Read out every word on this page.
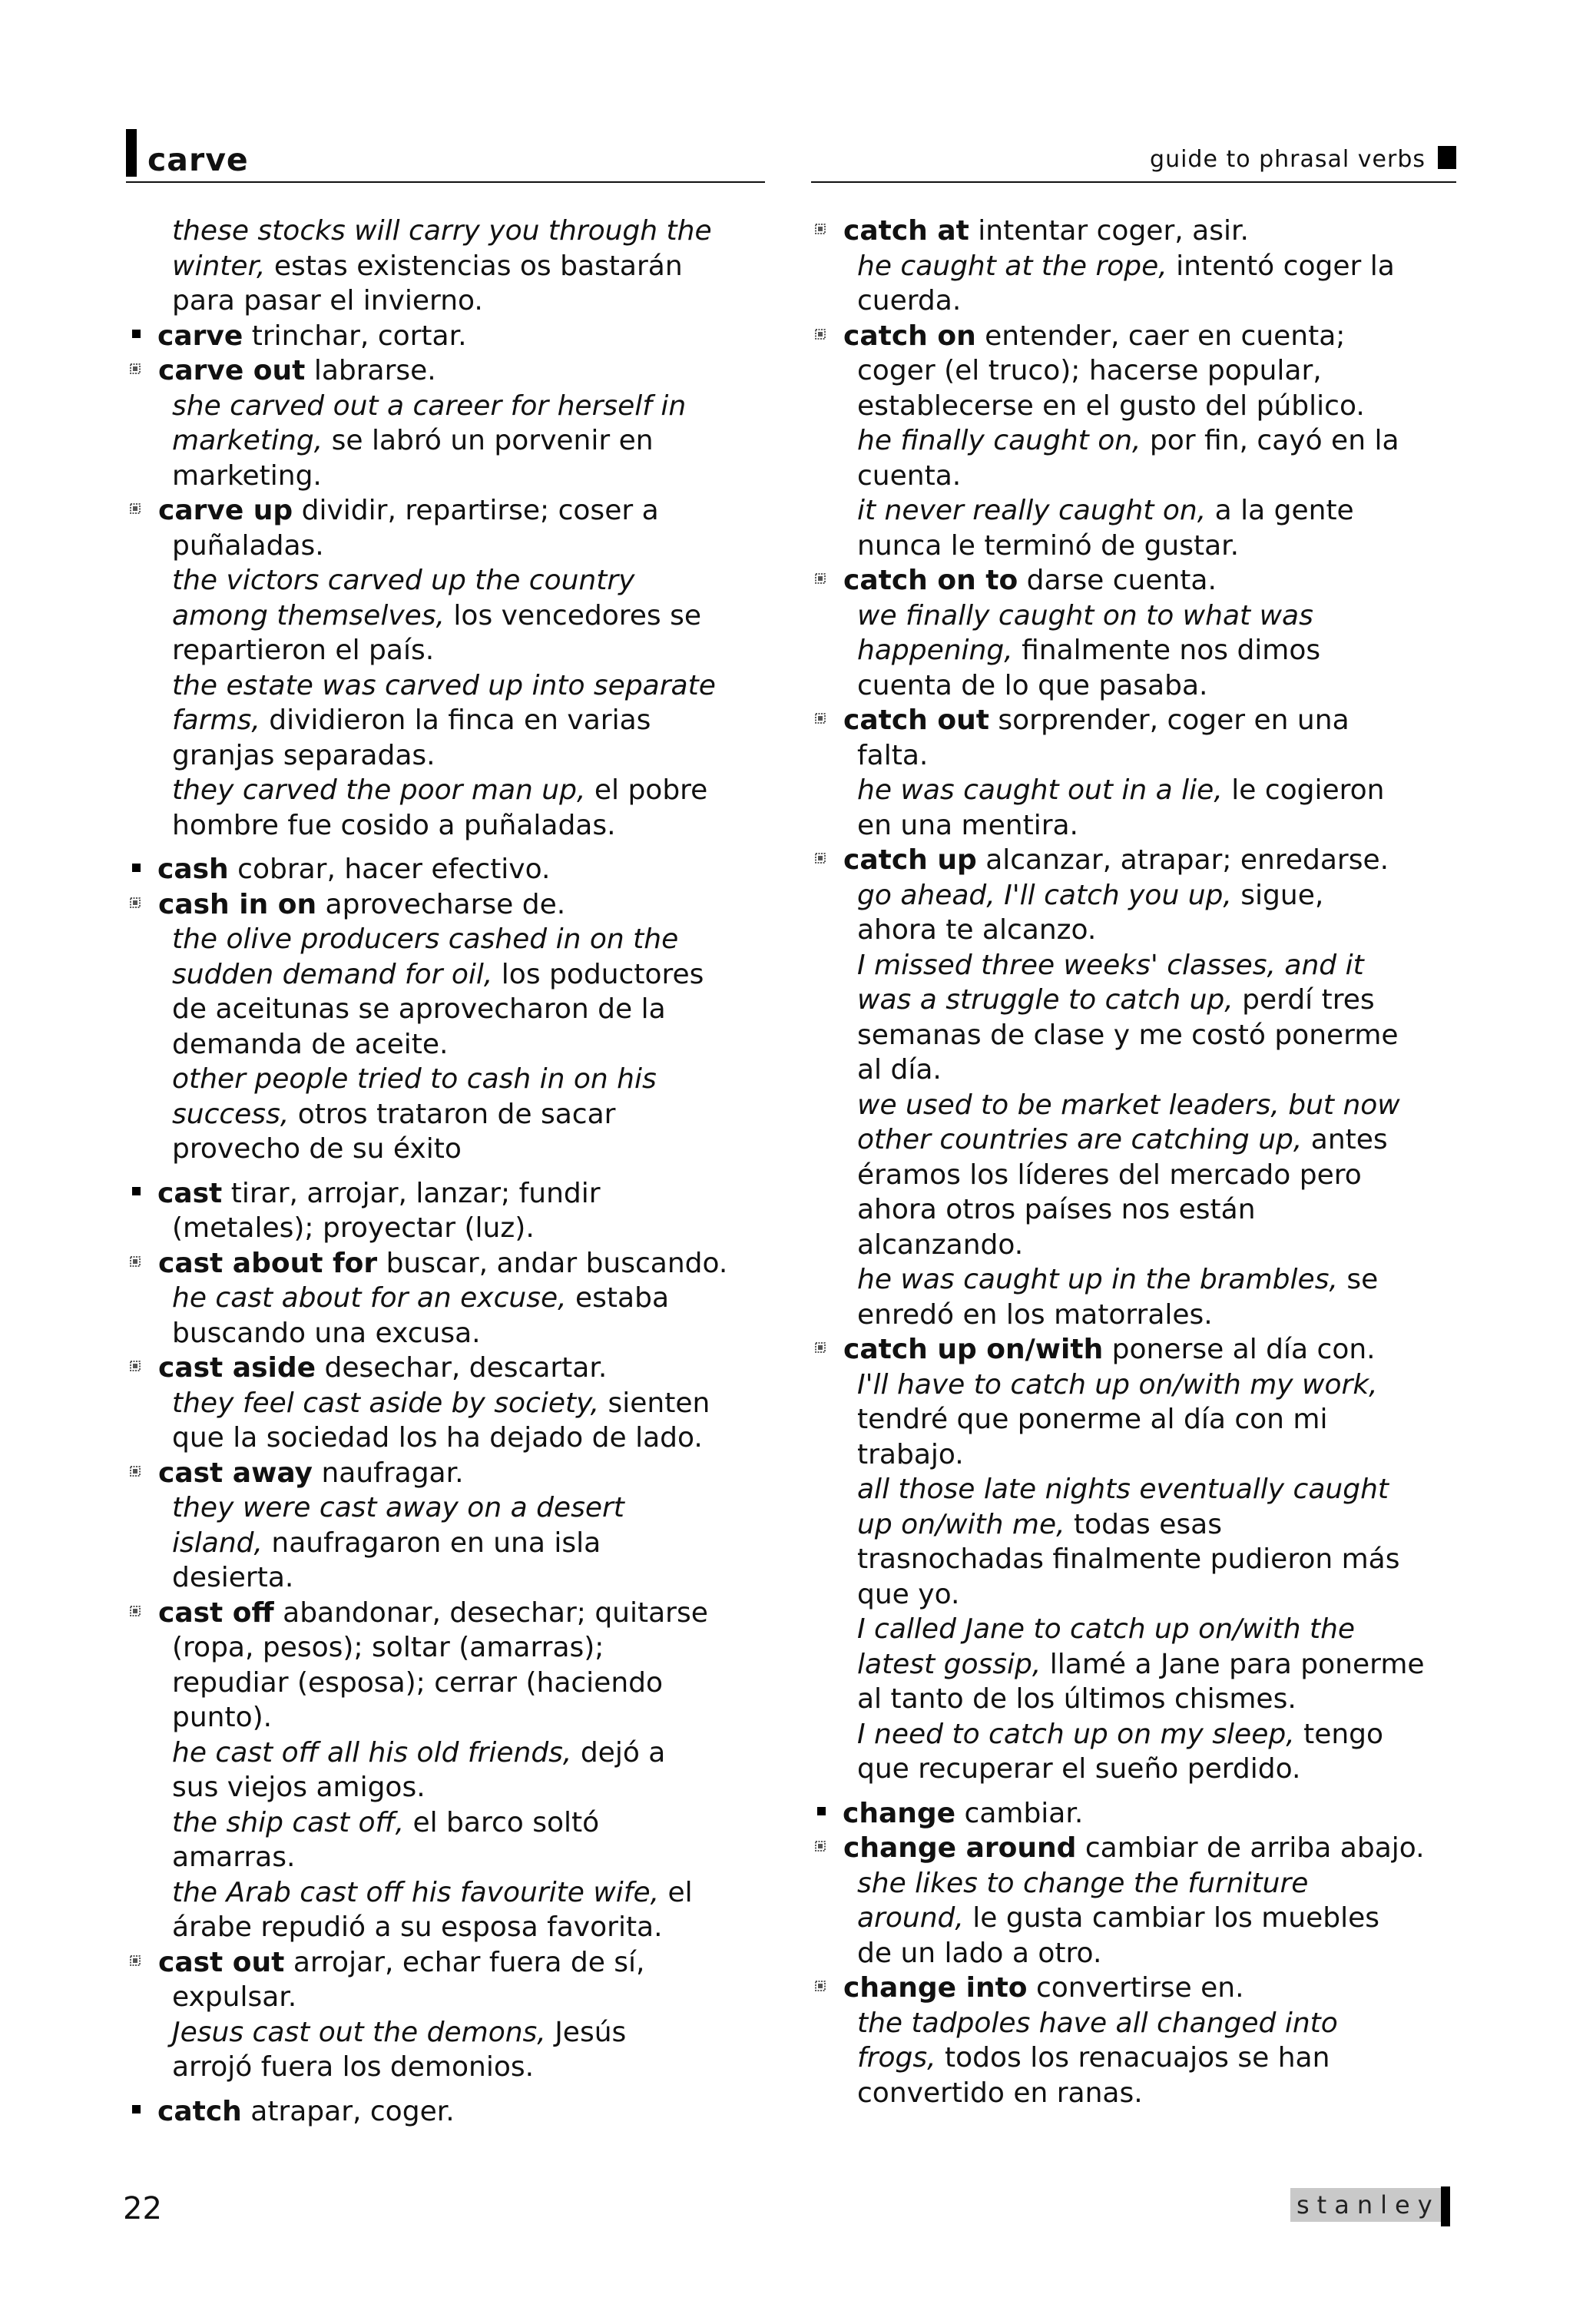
carve	guide to phrasal verbs
these stocks will carry you through the
winter, estas existencias os bastarán
para pasar el invierno.
carve trinchar, cortar.
carve out labrarse.
she carved out a career for herself in
marketing, se labró un porvenir en
marketing.
carve up dividir, repartirse; coser a
puñaladas.
the victors carved up the country
among themselves, los vencedores se
repartieron el país.
the estate was carved up into separate
farms, dividieron la finca en varias
granjas separadas.
they carved the poor man up, el pobre
hombre fue cosido a puñaladas.
cash cobrar, hacer efectivo.
cash in on aprovecharse de.
the olive producers cashed in on the
sudden demand for oil, los poductores
de aceitunas se aprovecharon de la
demanda de aceite.
other people tried to cash in on his
success, otros trataron de sacar
provecho de su éxito
cast tirar, arrojar, lanzar; fundir
(metales); proyectar (luz).
cast about for buscar, andar buscando.
he cast about for an excuse, estaba
buscando una excusa.
cast aside desechar, descartar.
they feel cast aside by society, sienten
que la sociedad los ha dejado de lado.
cast away naufragar.
they were cast away on a desert
island, naufragaron en una isla
desierta.
cast off abandonar, desechar; quitarse
(ropa, pesos); soltar (amarras);
repudiar (esposa); cerrar (haciendo
punto).
he cast off all his old friends, dejó a
sus viejos amigos.
the ship cast off, el barco soltó
amarras.
the Arab cast off his favourite wife, el
árabe repudió a su esposa favorita.
cast out arrojar, echar fuera de sí,
expulsar.
Jesus cast out the demons, Jesús
arrojó fuera los demonios.
catch atrapar, coger.
catch at intentar coger, asir.
he caught at the rope, intentó coger la
cuerda.
catch on entender, caer en cuenta;
coger (el truco); hacerse popular,
establecerse en el gusto del público.
he finally caught on, por fin, cayó en la
cuenta.
it never really caught on, a la gente
nunca le terminó de gustar.
catch on to darse cuenta.
we finally caught on to what was
happening, finalmente nos dimos
cuenta de lo que pasaba.
catch out sorprender, coger en una
falta.
he was caught out in a lie, le cogieron
en una mentira.
catch up alcanzar, atrapar; enredarse.
go ahead, I'll catch you up, sigue,
ahora te alcanzo.
I missed three weeks' classes, and it
was a struggle to catch up, perdí tres
semanas de clase y me costó ponerme
al día.
we used to be market leaders, but now
other countries are catching up, antes
éramos los líderes del mercado pero
ahora otros países nos están
alcanzando.
he was caught up in the brambles, se
enredó en los matorrales.
catch up on/with ponerse al día con.
I'll have to catch up on/with my work,
tendré que ponerme al día con mi
trabajo.
all those late nights eventually caught
up on/with me, todas esas
trasnochadas finalmente pudieron más
que yo.
I called Jane to catch up on/with the
latest gossip, llamé a Jane para ponerme
al tanto de los últimos chismes.
I need to catch up on my sleep, tengo
que recuperar el sueño perdido.
change cambiar.
change around cambiar de arriba abajo.
she likes to change the furniture
around, le gusta cambiar los muebles
de un lado a otro.
change into convertirse en.
the tadpoles have all changed into
frogs, todos los renacuajos se han
convertido en ranas.
22	stanley
